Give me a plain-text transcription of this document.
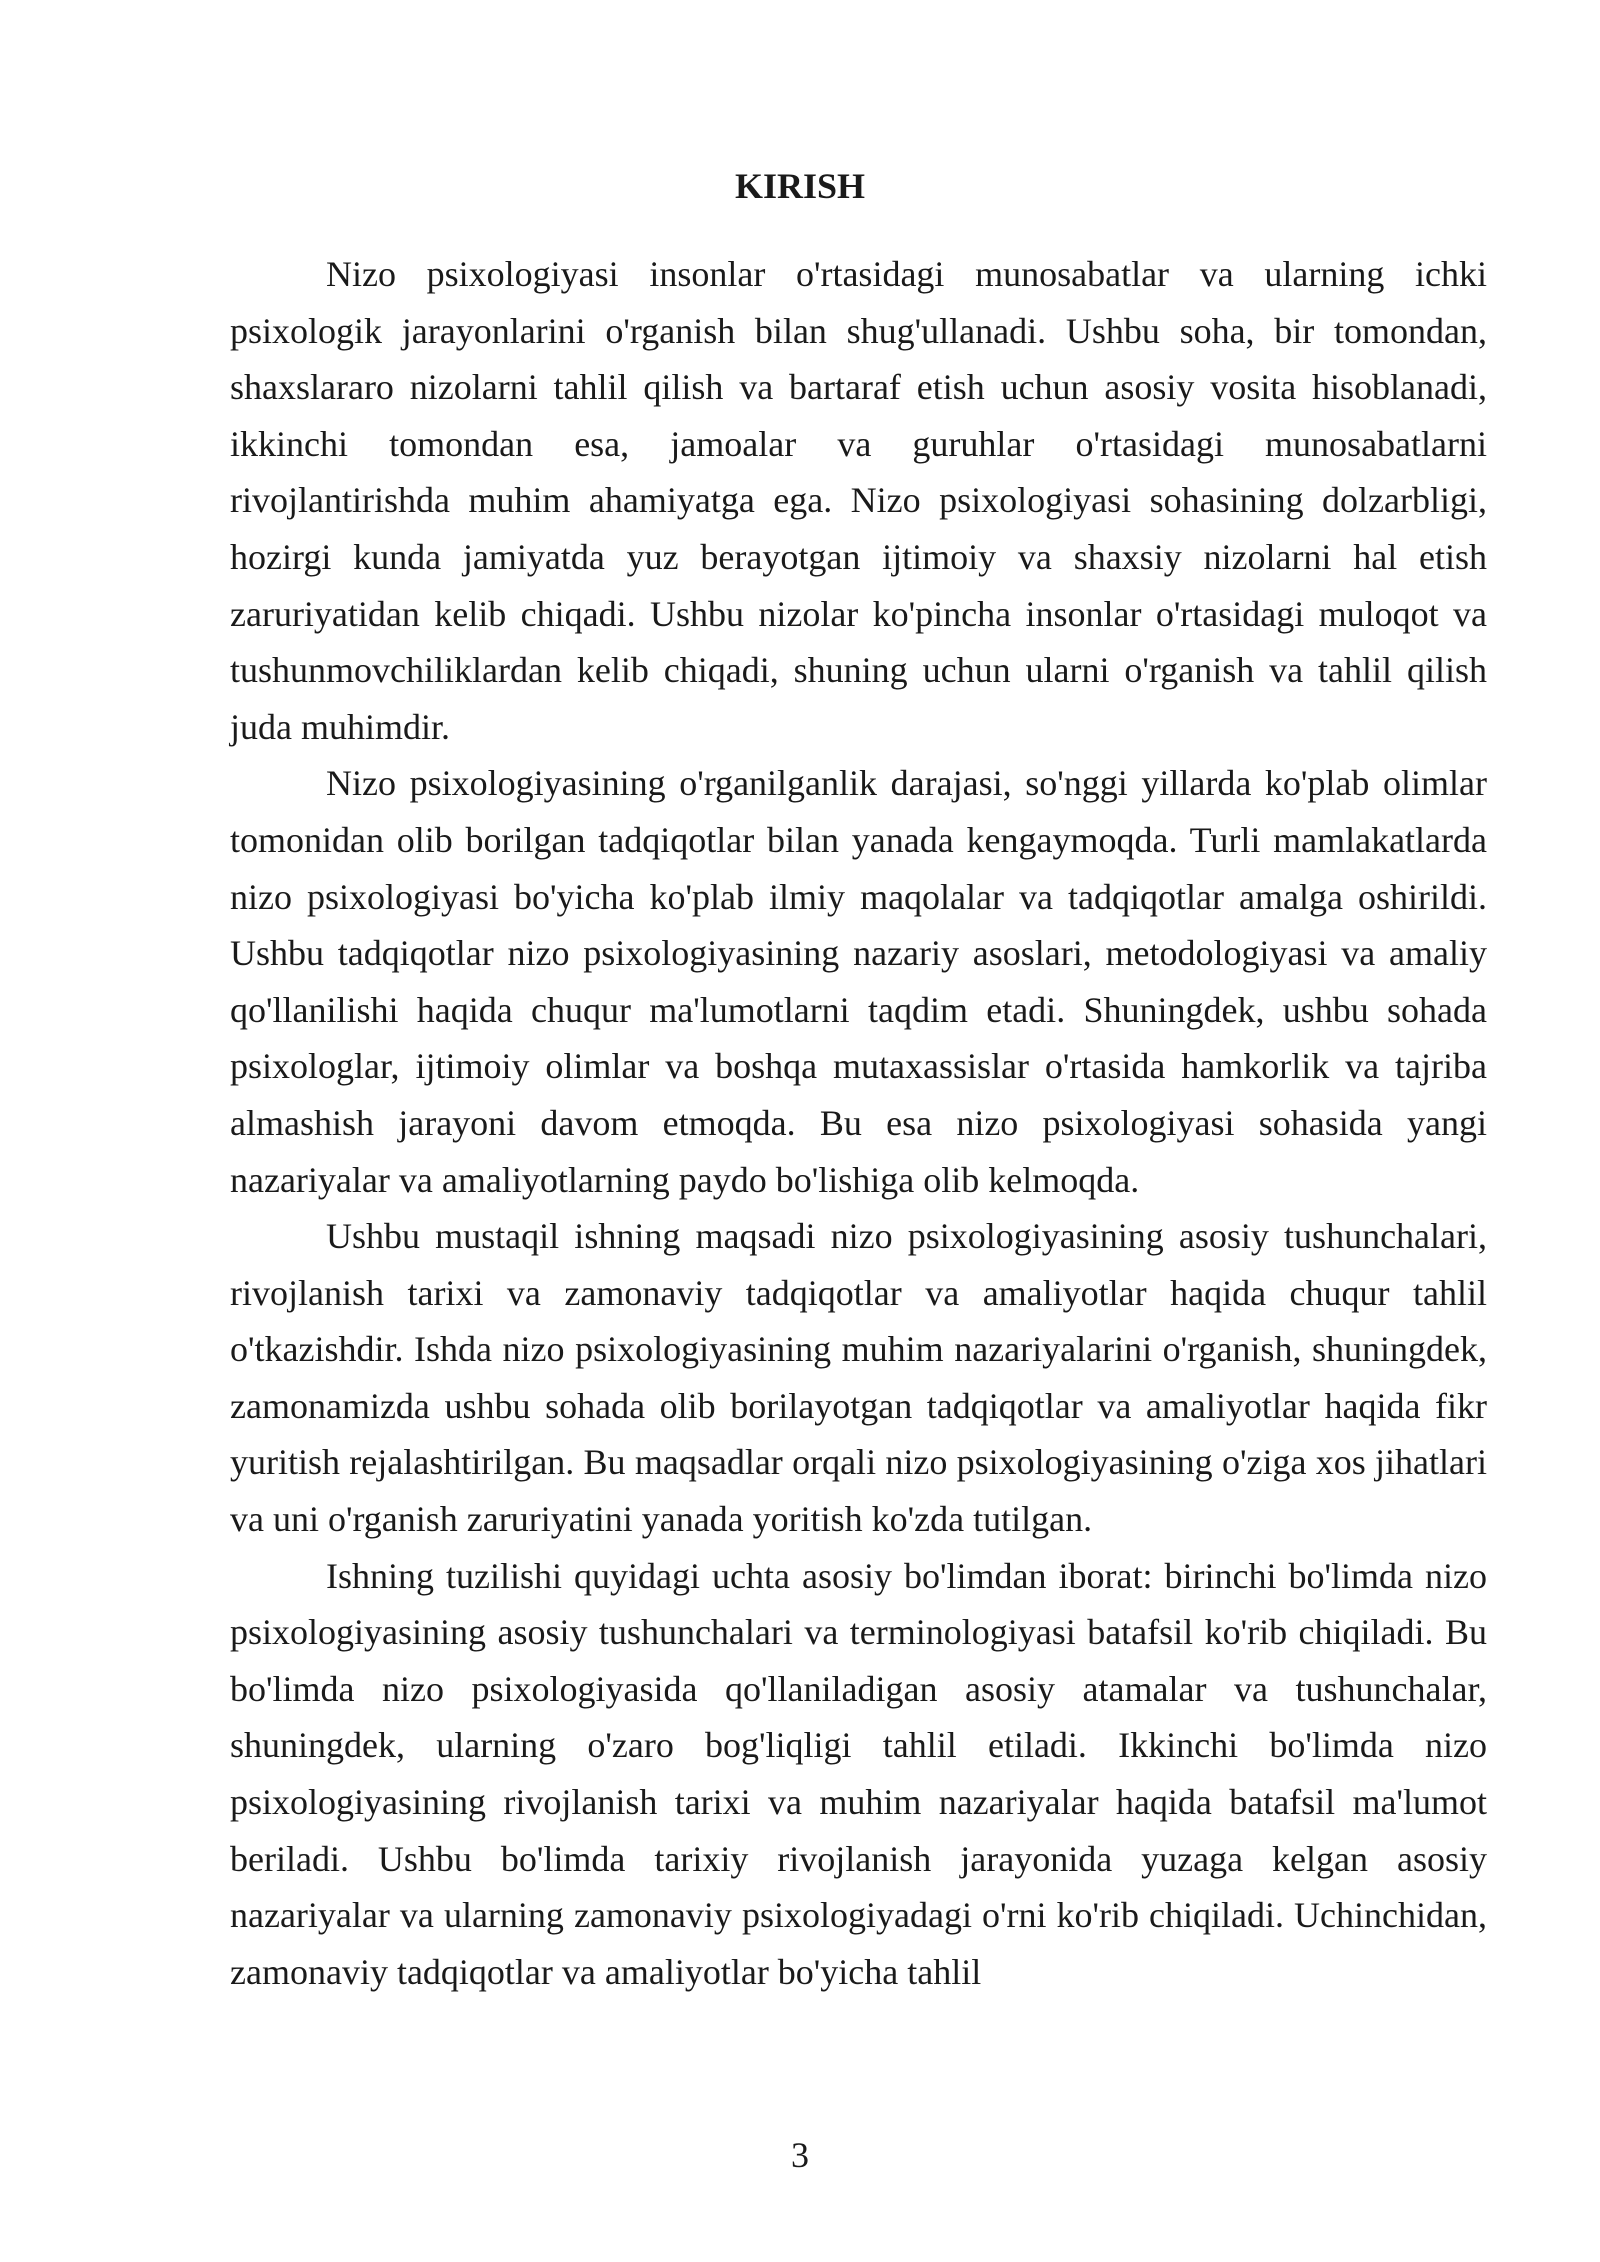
KIRISH

Nizo psixologiyasi insonlar o'rtasidagi munosabatlar va ularning ichki psixologik jarayonlarini o'rganish bilan shug'ullanadi. Ushbu soha, bir tomondan, shaxslararo nizolarni tahlil qilish va bartaraf etish uchun asosiy vosita hisoblanadi, ikkinchi tomondan esa, jamoalar va guruhlar o'rtasidagi munosabatlarni rivojlantirishda muhim ahamiyatga ega. Nizo psixologiyasi sohasining dolzarbligi, hozirgi kunda jamiyatda yuz berayotgan ijtimoiy va shaxsiy nizolarni hal etish zaruriyatidan kelib chiqadi. Ushbu nizolar ko'pincha insonlar o'rtasidagi muloqot va tushunmovchiliklardan kelib chiqadi, shuning uchun ularni o'rganish va tahlil qilish juda muhimdir.

Nizo psixologiyasining o'rganilganlik darajasi, so'nggi yillarda ko'plab olimlar tomonidan olib borilgan tadqiqotlar bilan yanada kengaymoqda. Turli mamlakatlarda nizo psixologiyasi bo'yicha ko'plab ilmiy maqolalar va tadqiqotlar amalga oshirildi. Ushbu tadqiqotlar nizo psixologiyasining nazariy asoslari, metodologiyasi va amaliy qo'llanilishi haqida chuqur ma'lumotlarni taqdim etadi. Shuningdek, ushbu sohada psixologlar, ijtimoiy olimlar va boshqa mutaxassislar o'rtasida hamkorlik va tajriba almashish jarayoni davom etmoqda. Bu esa nizo psixologiyasi sohasida yangi nazariyalar va amaliyotlarning paydo bo'lishiga olib kelmoqda.

Ushbu mustaqil ishning maqsadi nizo psixologiyasining asosiy tushunchalari, rivojlanish tarixi va zamonaviy tadqiqotlar va amaliyotlar haqida chuqur tahlil o'tkazishdir. Ishda nizo psixologiyasining muhim nazariyalarini o'rganish, shuningdek, zamonamizda ushbu sohada olib borilayotgan tadqiqotlar va amaliyotlar haqida fikr yuritish rejalashtirilgan. Bu maqsadlar orqali nizo psixologiyasining o'ziga xos jihatlari va uni o'rganish zaruriyatini yanada yoritish ko'zda tutilgan.

Ishning tuzilishi quyidagi uchta asosiy bo'limdan iborat: birinchi bo'limda nizo psixologiyasining asosiy tushunchalari va terminologiyasi batafsil ko'rib chiqiladi. Bu bo'limda nizo psixologiyasida qo'llaniladigan asosiy atamalar va tushunchalar, shuningdek, ularning o'zaro bog'liqligi tahlil etiladi. Ikkinchi bo'limda nizo psixologiyasining rivojlanish tarixi va muhim nazariyalar haqida batafsil ma'lumot beriladi. Ushbu bo'limda tarixiy rivojlanish jarayonida yuzaga kelgan asosiy nazariyalar va ularning zamonaviy psixologiyadagi o'rni ko'rib chiqiladi. Uchinchidan, zamonaviy tadqiqotlar va amaliyotlar bo'yicha tahlil

3
